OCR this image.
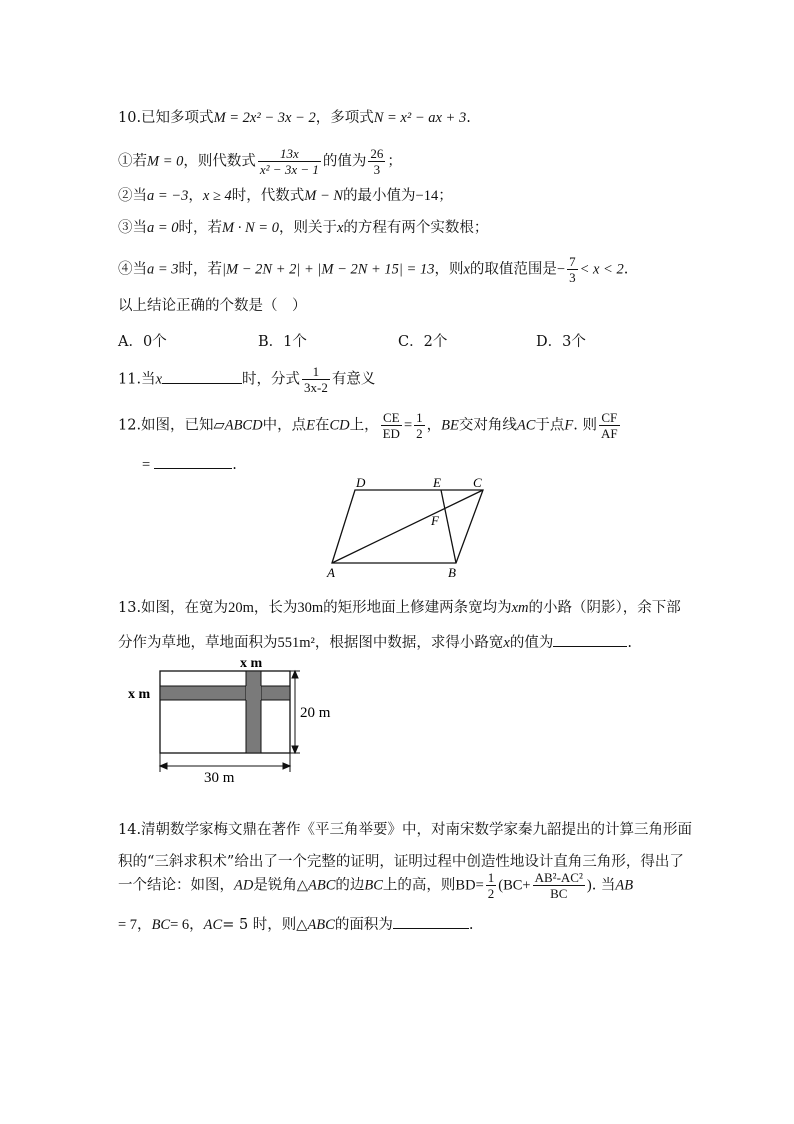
10.已知多项式M = 2x² − 3x − 2，多项式N = x² − ax + 3.
①若M = 0，则代数式 $\frac{13x}{\text{x² − 3x − 1}}$ 的值为 $\frac{26}{3}$ ；
②当a = −3，x ≥ 4时，代数式M − N的最小值为−14；
③当a = 0时，若M · N = 0，则关于x的方程有两个实数根；
④当a = 3时，若|M − 2N + 2| + |M − 2N + 15| = 13，则x的取值范围是− $\frac{7}{3} < x < 2$.
以上结论正确的个数是（　）
A．0个	B．1个	C．2个	D．3个
11.当x	时，分式 $\frac{1}{3x-2}$ 有意义
12.如图，已知▱ABCD中，点E在CD上， $\frac{CE}{ED} = \frac{1}{2}$ ，BE交对角线AC于点F. 则 $\frac{CF}{AF}$
=	.
D	E C
F
A	B
13.如图，在宽为20m，长为30m的矩形地面上修建两条宽均为xm的小路（阴影），余下部
分作为草地，草地面积为551m²，根据图中数据，求得小路宽x的值为	.
x m
x m
20 m
30 m
14.清朝数学家梅文鼎在著作《平三角举要》中，对南宋数学家秦九韶提出的计算三角形面
积的“三斜求积术”给出了一个完整的证明，证明过程中创造性地设计直角三角形，得出了
一个结论：如图，AD是锐角△ABC的边BC上的高，则$BD= \frac{1}{2} (BC+ \frac{\text{AB²-AC²}}{BC}$ ). 当AB
= 7，BC= 6，AC= 5 时，则△ABC的面积为	.
